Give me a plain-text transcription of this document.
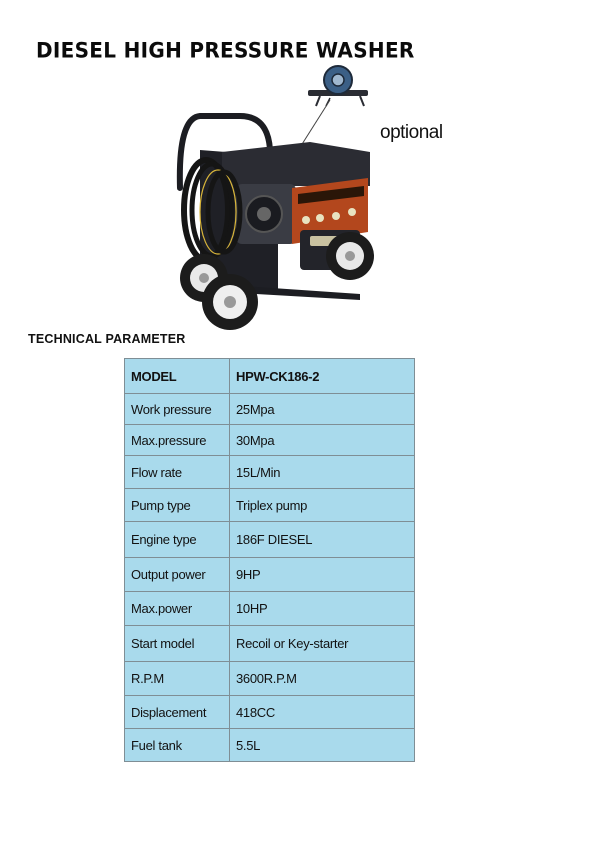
DIESEL HIGH PRESSURE WASHER
optional
TECHNICAL PARAMETER
MODEL	HPW-CK186-2
Work pressure	25Mpa
Max.pressure	30Mpa
Flow rate	15L/Min
Pump type	Triplex pump
Engine type	186F DIESEL
Output power	9HP
Max.power	10HP
Start model	Recoil or Key-starter
R.P.M	3600R.P.M
Displacement	418CC
Fuel tank	5.5L
